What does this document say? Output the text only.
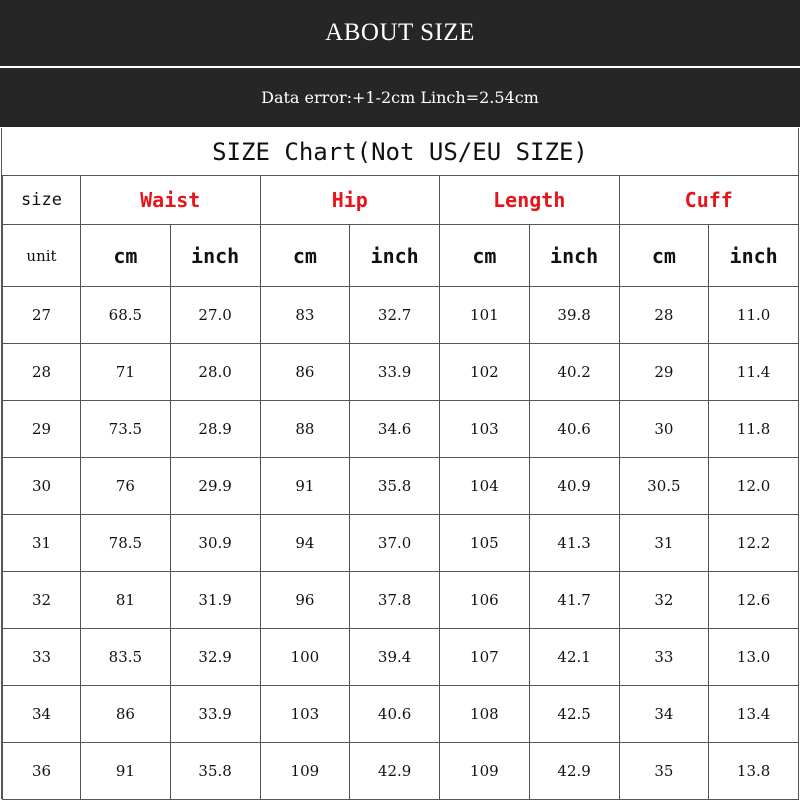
ABOUT SIZE
Data error:+1-2cm Linch=2.54cm
SIZE Chart(Not US/EU SIZE)
size	Waist		Hip		Length		Cuff	
unit	cm	inch	cm	inch	cm	inch	cm	inch
27	68.5	27.0	83	32.7	101	39.8	28	11.0
28	71	28.0	86	33.9	102	40.2	29	11.4
29	73.5	28.9	88	34.6	103	40.6	30	11.8
30	76	29.9	91	35.8	104	40.9	30.5	12.0
31	78.5	30.9	94	37.0	105	41.3	31	12.2
32	81	31.9	96	37.8	106	41.7	32	12.6
33	83.5	32.9	100	39.4	107	42.1	33	13.0
34	86	33.9	103	40.6	108	42.5	34	13.4
36	91	35.8	109	42.9	109	42.9	35	13.8
